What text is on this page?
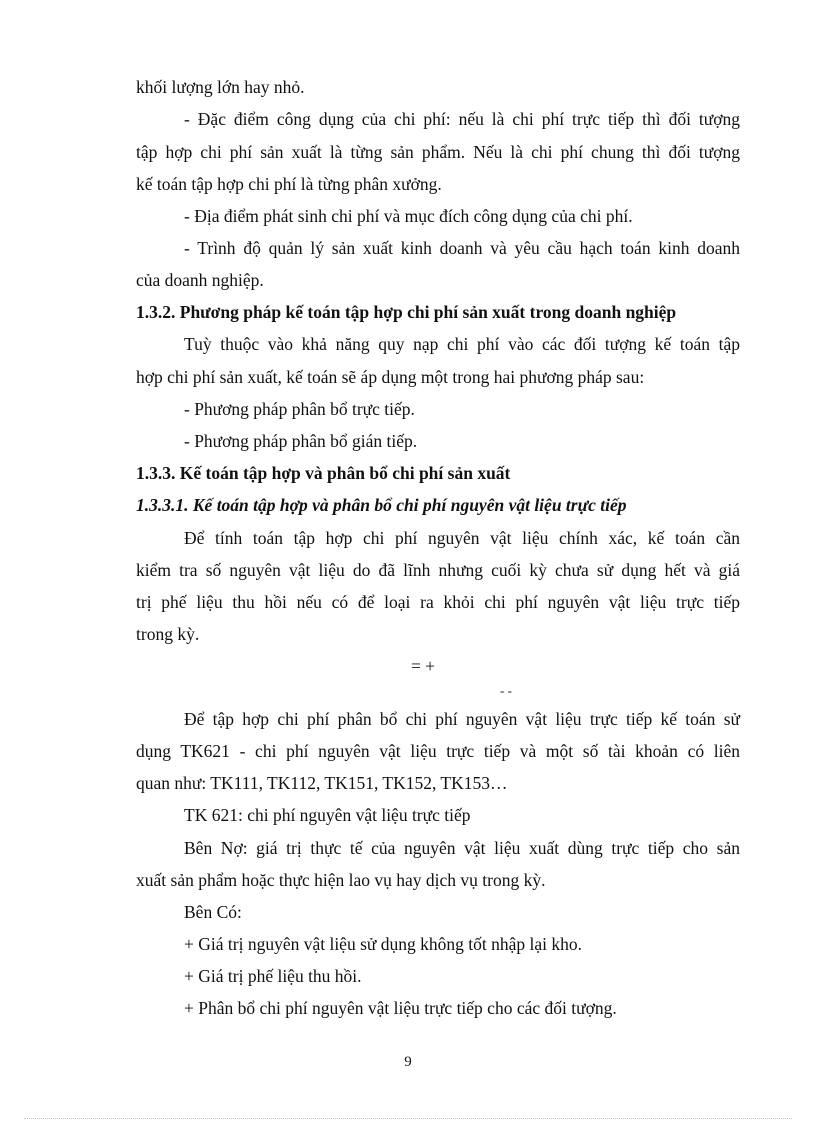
khối lượng lớn hay nhỏ.
- Đặc điểm công dụng của chi phí: nếu là chi phí trực tiếp thì đối tượng
tập hợp chi phí sản xuất là từng sản phẩm. Nếu là chi phí chung thì đối tượng
kế toán tập hợp chi phí là từng phân xưởng.
- Địa điểm phát sinh chi phí và mục đích công dụng của chi phí.
- Trình độ quản lý sản xuất kinh doanh và yêu cầu hạch toán kinh doanh
của doanh nghiệp.
1.3.2. Phương pháp kế toán tập hợp chi phí sản xuất trong doanh nghiệp
Tuỳ thuộc vào khả năng quy nạp chi phí vào các đối tượng kế toán tập
hợp chi phí sản xuất, kế toán sẽ áp dụng một trong hai phương pháp sau:
- Phương pháp phân bổ trực tiếp.
- Phương pháp phân bổ gián tiếp.
1.3.3. Kế toán tập hợp và phân bổ chi phí sản xuất
1.3.3.1. Kế toán tập hợp và phân bổ chi phí nguyên vật liệu trực tiếp
Để tính toán tập hợp chi phí nguyên vật liệu chính xác, kế toán cần
kiểm tra số nguyên vật liệu do đã lĩnh nhưng cuối kỳ chưa sử dụng hết và giá
trị phế liệu thu hồi nếu có để loại ra khỏi chi phí nguyên vật liệu trực tiếp
trong kỳ.
= +
- -
Để tập hợp chi phí phân bổ chi phí nguyên vật liệu trực tiếp kế toán sử
dụng TK621 - chi phí nguyên vật liệu trực tiếp và một số tài khoản có liên
quan như: TK111, TK112, TK151, TK152, TK153…
TK 621: chi phí nguyên vật liệu trực tiếp
Bên Nợ: giá trị thực tế của nguyên vật liệu xuất dùng trực tiếp cho sản
xuất sản phẩm hoặc thực hiện lao vụ hay dịch vụ trong kỳ.
Bên Có:
+ Giá trị nguyên vật liệu sử dụng không tốt nhập lại kho.
+ Giá trị phế liệu thu hồi.
+ Phân bổ chi phí nguyên vật liệu trực tiếp cho các đối tượng.
9
